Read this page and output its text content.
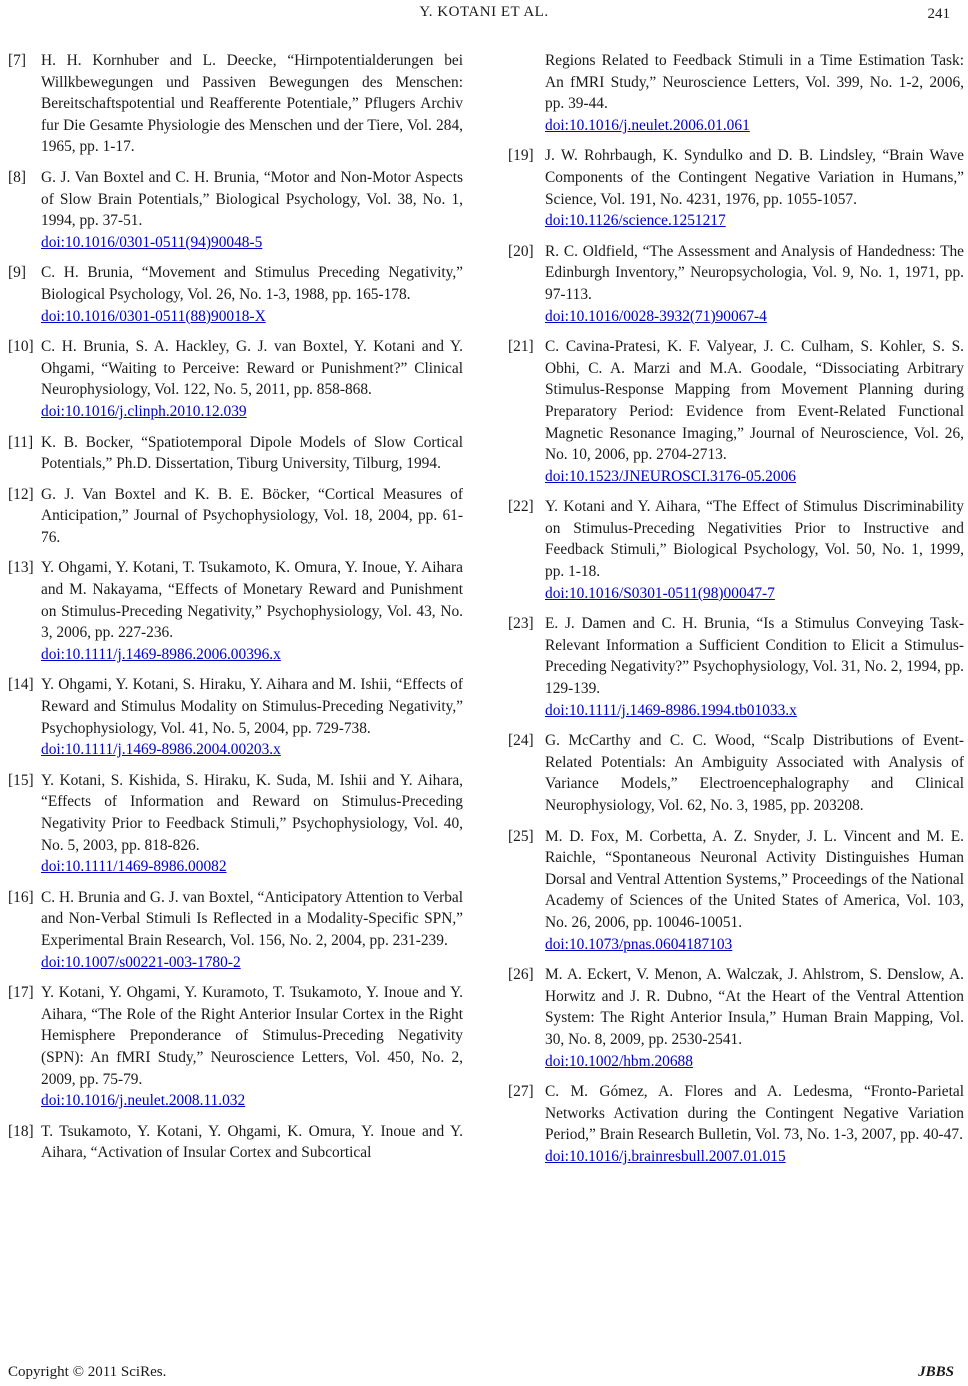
Y. KOTANI ET AL.	241
[7] H. H. Kornhuber and L. Deecke, “Hirnpotentialderungen bei Willkbewegungen und Passiven Bewegungen des Menschen: Bereitschaftspotential und Reafferente Potentiale,” Pflugers Archiv fur Die Gesamte Physiologie des Menschen und der Tiere, Vol. 284, 1965, pp. 1-17.
[8] G. J. Van Boxtel and C. H. Brunia, “Motor and Non-Motor Aspects of Slow Brain Potentials,” Biological Psychology, Vol. 38, No. 1, 1994, pp. 37-51.
doi:10.1016/0301-0511(94)90048-5
[9] C. H. Brunia, “Movement and Stimulus Preceding Negativity,” Biological Psychology, Vol. 26, No. 1-3, 1988, pp. 165-178.
doi:10.1016/0301-0511(88)90018-X
[10] C. H. Brunia, S. A. Hackley, G. J. van Boxtel, Y. Kotani and Y. Ohgami, “Waiting to Perceive: Reward or Punishment?” Clinical Neurophysiology, Vol. 122, No. 5, 2011, pp. 858-868.
doi:10.1016/j.clinph.2010.12.039
[11] K. B. Bocker, “Spatiotemporal Dipole Models of Slow Cortical Potentials,” Ph.D. Dissertation, Tiburg University, Tilburg, 1994.
[12] G. J. Van Boxtel and K. B. E. Böcker, “Cortical Measures of Anticipation,” Journal of Psychophysiology, Vol. 18, 2004, pp. 61-76.
[13] Y. Ohgami, Y. Kotani, T. Tsukamoto, K. Omura, Y. Inoue, Y. Aihara and M. Nakayama, “Effects of Monetary Reward and Punishment on Stimulus-Preceding Negativity,” Psychophysiology, Vol. 43, No. 3, 2006, pp. 227-236.
doi:10.1111/j.1469-8986.2006.00396.x
[14] Y. Ohgami, Y. Kotani, S. Hiraku, Y. Aihara and M. Ishii, “Effects of Reward and Stimulus Modality on Stimulus-Preceding Negativity,” Psychophysiology, Vol. 41, No. 5, 2004, pp. 729-738.
doi:10.1111/j.1469-8986.2004.00203.x
[15] Y. Kotani, S. Kishida, S. Hiraku, K. Suda, M. Ishii and Y. Aihara, “Effects of Information and Reward on Stimulus-Preceding Negativity Prior to Feedback Stimuli,” Psychophysiology, Vol. 40, No. 5, 2003, pp. 818-826.
doi:10.1111/1469-8986.00082
[16] C. H. Brunia and G. J. van Boxtel, “Anticipatory Attention to Verbal and Non-Verbal Stimuli Is Reflected in a Modality-Specific SPN,” Experimental Brain Research, Vol. 156, No. 2, 2004, pp. 231-239.
doi:10.1007/s00221-003-1780-2
[17] Y. Kotani, Y. Ohgami, Y. Kuramoto, T. Tsukamoto, Y. Inoue and Y. Aihara, “The Role of the Right Anterior Insular Cortex in the Right Hemisphere Preponderance of Stimulus-Preceding Negativity (SPN): An fMRI Study,” Neuroscience Letters, Vol. 450, No. 2, 2009, pp. 75-79.
doi:10.1016/j.neulet.2008.11.032
[18] T. Tsukamoto, Y. Kotani, Y. Ohgami, K. Omura, Y. Inoue and Y. Aihara, “Activation of Insular Cortex and Subcortical
Regions Related to Feedback Stimuli in a Time Estimation Task: An fMRI Study,” Neuroscience Letters, Vol. 399, No. 1-2, 2006, pp. 39-44.
doi:10.1016/j.neulet.2006.01.061
[19] J. W. Rohrbaugh, K. Syndulko and D. B. Lindsley, “Brain Wave Components of the Contingent Negative Variation in Humans,” Science, Vol. 191, No. 4231, 1976, pp. 1055-1057.
doi:10.1126/science.1251217
[20] R. C. Oldfield, “The Assessment and Analysis of Handedness: The Edinburgh Inventory,” Neuropsychologia, Vol. 9, No. 1, 1971, pp. 97-113.
doi:10.1016/0028-3932(71)90067-4
[21] C. Cavina-Pratesi, K. F. Valyear, J. C. Culham, S. Kohler, S. S. Obhi, C. A. Marzi and M.A. Goodale, “Dissociating Arbitrary Stimulus-Response Mapping from Movement Planning during Preparatory Period: Evidence from Event-Related Functional Magnetic Resonance Imaging,” Journal of Neuroscience, Vol. 26, No. 10, 2006, pp. 2704-2713.
doi:10.1523/JNEUROSCI.3176-05.2006
[22] Y. Kotani and Y. Aihara, “The Effect of Stimulus Discriminability on Stimulus-Preceding Negativities Prior to Instructive and Feedback Stimuli,” Biological Psychology, Vol. 50, No. 1, 1999, pp. 1-18.
doi:10.1016/S0301-0511(98)00047-7
[23] E. J. Damen and C. H. Brunia, “Is a Stimulus Conveying Task-Relevant Information a Sufficient Condition to Elicit a Stimulus-Preceding Negativity?” Psychophysiology, Vol. 31, No. 2, 1994, pp. 129-139.
doi:10.1111/j.1469-8986.1994.tb01033.x
[24] G. McCarthy and C. C. Wood, “Scalp Distributions of Event-Related Potentials: An Ambiguity Associated with Analysis of Variance Models,” Electroencephalography and Clinical Neurophysiology, Vol. 62, No. 3, 1985, pp. 203208.
[25] M. D. Fox, M. Corbetta, A. Z. Snyder, J. L. Vincent and M. E. Raichle, “Spontaneous Neuronal Activity Distinguishes Human Dorsal and Ventral Attention Systems,” Proceedings of the National Academy of Sciences of the United States of America, Vol. 103, No. 26, 2006, pp. 10046-10051.
doi:10.1073/pnas.0604187103
[26] M. A. Eckert, V. Menon, A. Walczak, J. Ahlstrom, S. Denslow, A. Horwitz and J. R. Dubno, “At the Heart of the Ventral Attention System: The Right Anterior Insula,” Human Brain Mapping, Vol. 30, No. 8, 2009, pp. 2530-2541.
doi:10.1002/hbm.20688
[27] C. M. Gómez, A. Flores and A. Ledesma, “Fronto-Parietal Networks Activation during the Contingent Negative Variation Period,” Brain Research Bulletin, Vol. 73, No. 1-3, 2007, pp. 40-47.
doi:10.1016/j.brainresbull.2007.01.015
Copyright © 2011 SciRes.	JBBS
